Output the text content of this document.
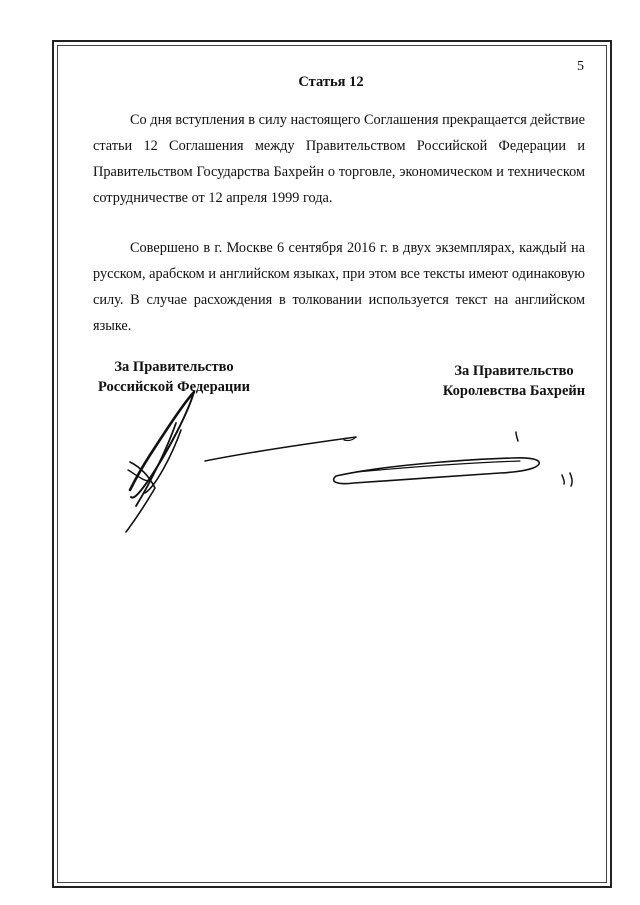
5
Статья 12

Со дня вступления в силу настоящего Соглашения прекращается действие статьи 12 Соглашения между Правительством Российской Федерации и Правительством Государства Бахрейн о торговле, экономическом и техническом сотрудничестве от 12 апреля 1999 года.

Совершено в г. Москве 6 сентября 2016 г. в двух экземплярах, каждый на русском, арабском и английском языках, при этом все тексты имеют одинаковую силу. В случае расхождения в толковании используется текст на английском языке.

За Правительство
Российской Федерации
За Правительство
Королевства Бахрейн
